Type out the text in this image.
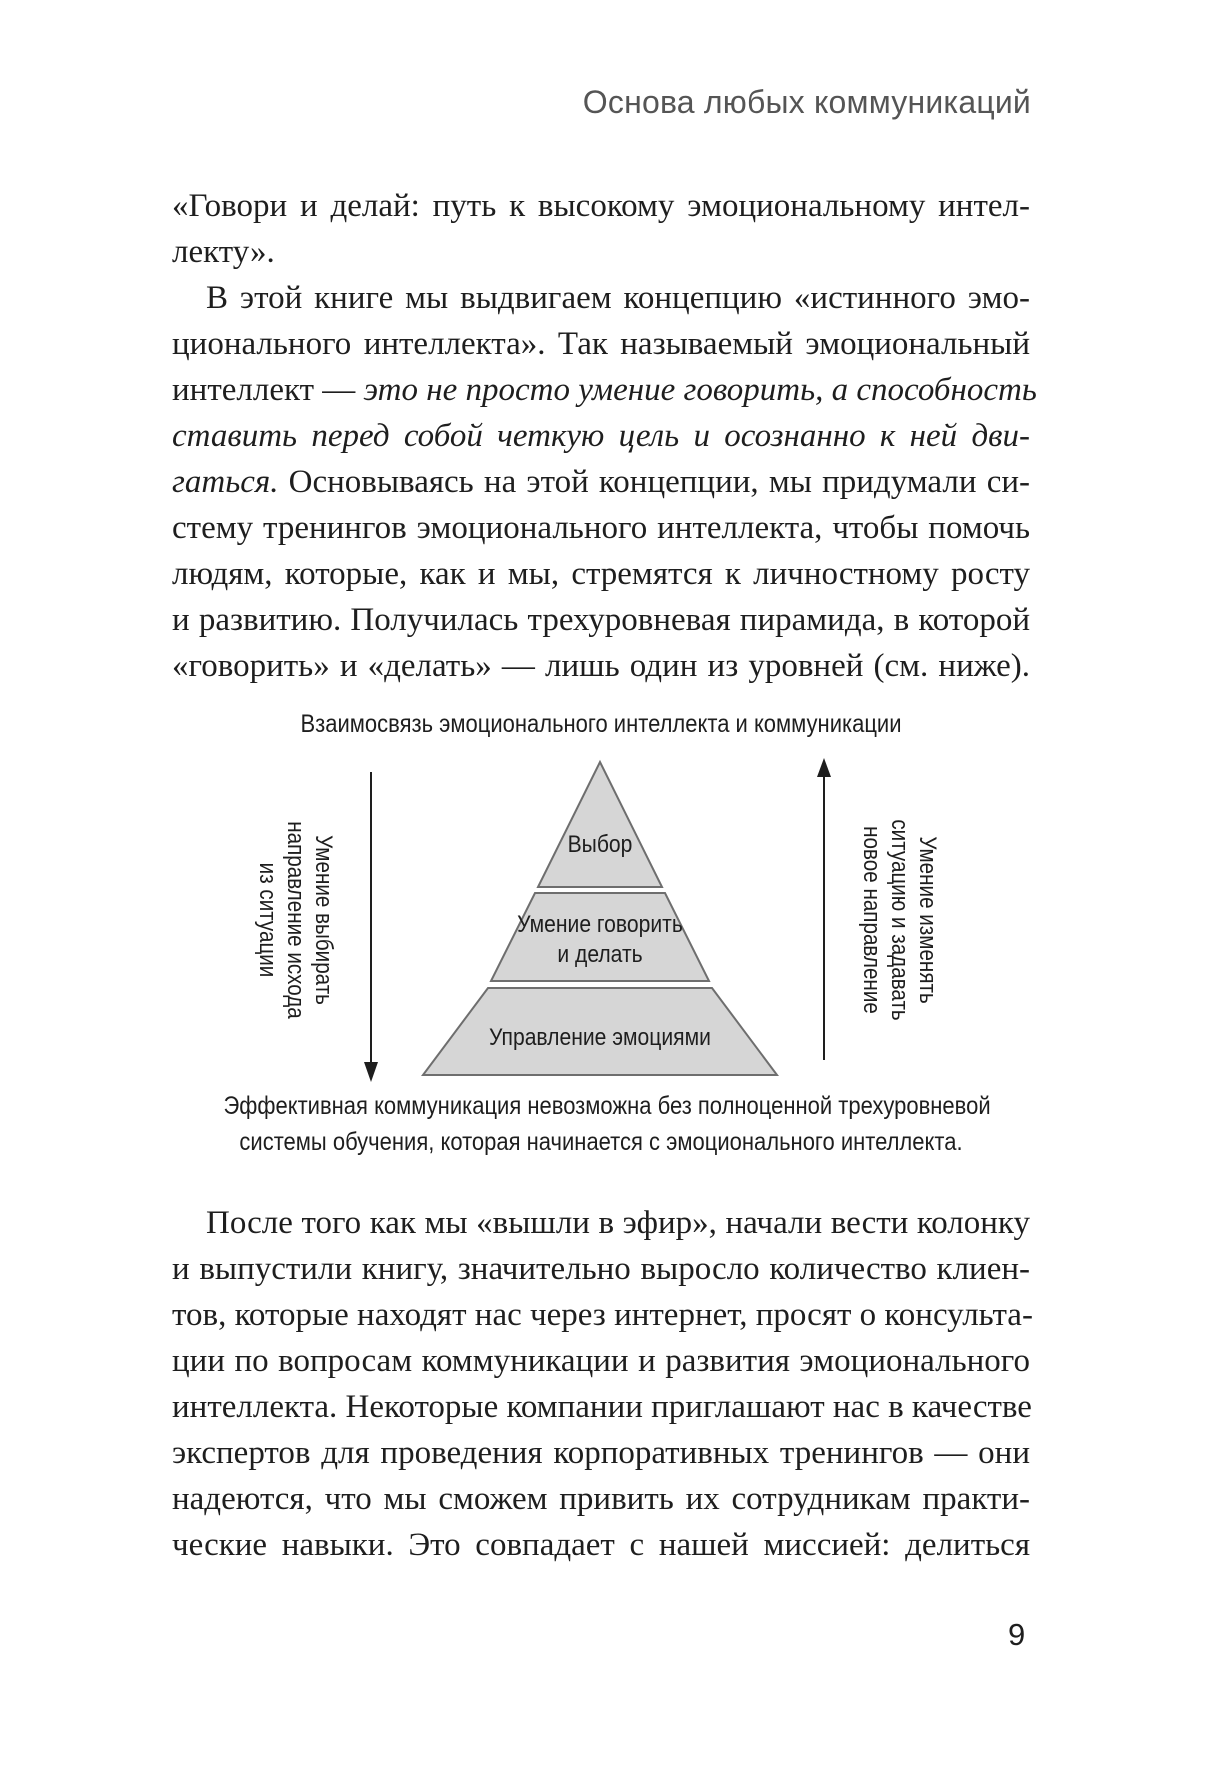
Основа любых коммуникаций
«Говори и делай: путь к высокому эмоциональному интел-
лекту».
В этой книге мы выдвигаем концепцию «истинного эмо-
ционального интеллекта». Так называемый эмоциональный
интеллект — это не просто умение говорить, а способность
ставить перед собой четкую цель и осознанно к ней дви-
гаться. Основываясь на этой концепции, мы придумали си-
стему тренингов эмоционального интеллекта, чтобы помочь
людям, которые, как и мы, стремятся к личностному росту
и развитию. Получилась трехуровневая пирамида, в которой
«говорить» и «делать» — лишь один из уровней (см. ниже).
Взаимосвязь эмоционального интеллекта и коммуникации
Выбор
Умение говорить
и делать
Управление эмоциями
Умение выбирать
направление исхода
из ситуации	Умение изменять
ситуацию и задавать
новое направление
Эффективная коммуникация невозможна без полноценной трехуровневой
системы обучения, которая начинается с эмоционального интеллекта.
После того как мы «вышли в эфир», начали вести колонку
и выпустили книгу, значительно выросло количество клиен-
тов, которые находят нас через интернет, просят о консульта-
ции по вопросам коммуникации и развития эмоционального
интеллекта. Некоторые компании приглашают нас в качестве
экспертов для проведения корпоративных тренингов — они
надеются, что мы сможем привить их сотрудникам практи-
ческие навыки. Это совпадает с нашей миссией: делиться
9
